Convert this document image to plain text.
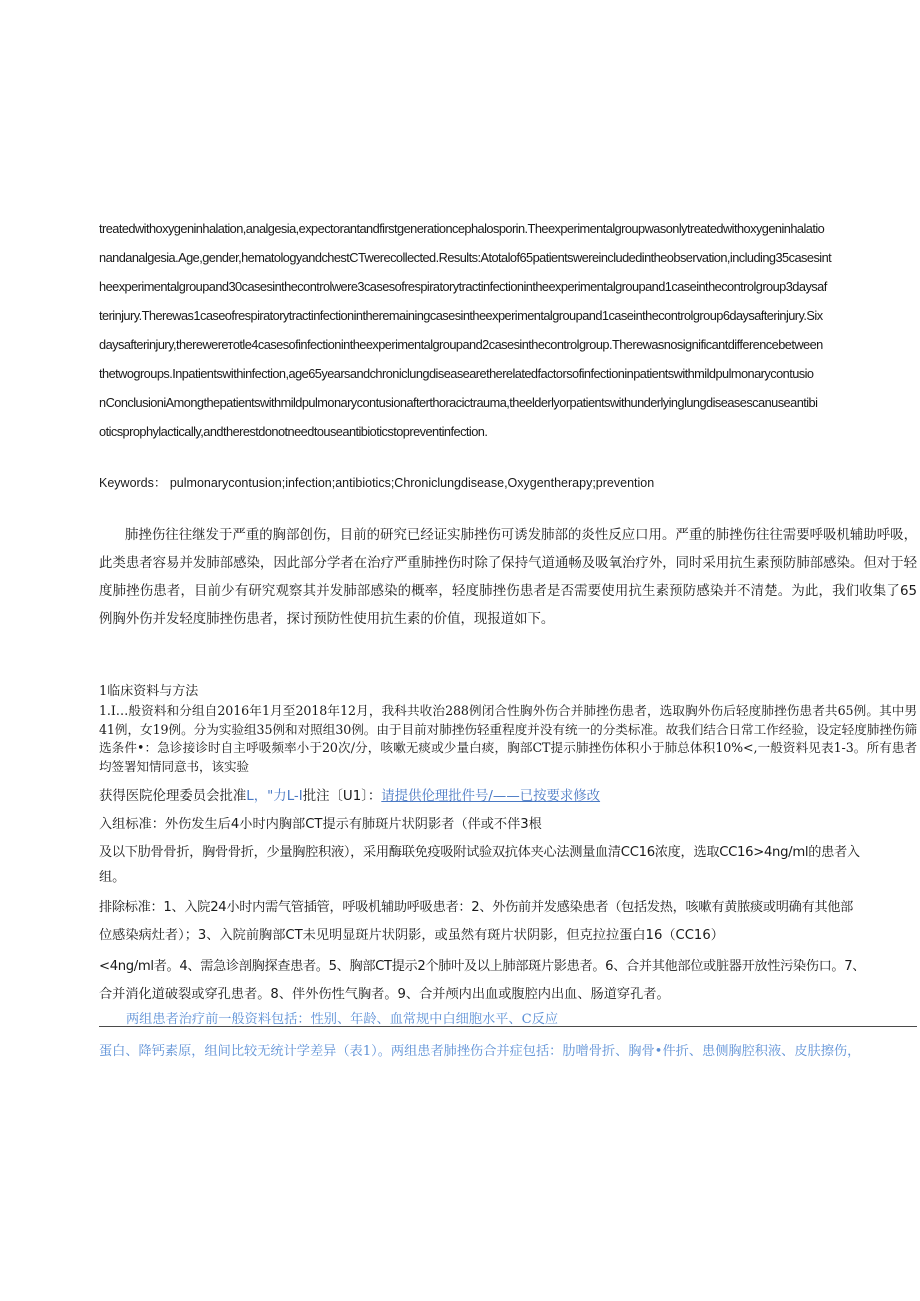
treatedwithoxygeninhalation,analgesia,expectorantandfirstgenerationcephalosporin.Theexperimentalgroupwasonlytreatedwithoxygeninhalatio
nandanalgesia.Age,gender,hematologyandchestCTwerecollected.Results:Atotalof65patientswereincludedintheobservation,including35casesint
heexperimentalgroupand30casesinthecontrolwere3casesofrespiratorytractinfectionintheexperimentalgroupand1caseinthecontrolgroup3daysaf
terinjury.Therewas1caseofrespiratorytractinfectionintheremainingcasesintheexperimentalgroupand1caseinthecontrolgroup6daysafterinjury.Six
daysafterinjury,therewerетotle4casesofinfectionintheexperimentalgroupand2casesinthecontrolgroup.Therewasnosignificantdifferencebetween
thetwogroups.Inpatientswithinfection,age65yearsandchroniclungdiseasearetherelatedfactorsofinfectioninpatientswithmildpulmonarycontusio
nConclusioniAmongthepatientswithmildpulmonarycontusionafterthoracictrauma,theelderlyorpatientswithunderlyinglungdiseasescanuseantibi
oticsprophylactically,andtherestdonotneedtouseantibioticstopreventinfection.
Keywords： pulmonarycontusion;infection;antibiotics;Chroniclungdisease,Oxygentherapy;prevention
肺挫伤往往继发于严重的胸部创伤，目前的研究已经证实肺挫伤可诱发肺部的炎性反应口用。严重的肺挫伤往往需要呼吸机辅助呼吸，此类患者容易并发肺部感染，因此部分学者在治疗严重肺挫伤时除了保持气道通畅及吸氧治疗外，同时采用抗生素预防肺部感染。但对于轻度肺挫伤患者，目前少有研究观察其并发肺部感染的概率，轻度肺挫伤患者是否需要使用抗生素预防感染并不清楚。为此，我们收集了65例胸外伤并发轻度肺挫伤患者，探讨预防性使用抗生素的价值，现报道如下。
1临床资料与方法
1.I…般资料和分组自2016年1月至2018年12月，我科共收治288例闭合性胸外伤合并肺挫伤患者，选取胸外伤后轻度肺挫伤患者共65例。其中男41例，女19例。分为实验组35例和对照组30例。由于目前对肺挫伤轻重程度并没有统一的分类标准。故我们结合日常工作经验，设定轻度肺挫伤筛选条件•：急诊接诊时自主呼吸频率小于20次/分，咳嗽无痰或少量白痰，胸部CT提示肺挫伤体积小于肺总体积10%<,一般资料见表1-3。所有患者均签署知情同意书，该实验
获得医院伦理委员会批准L，"力L-I批注〔U1〕：请提供伦理批件号/——已按要求修改
入组标准：外伤发生后4小时内胸部CT提示有肺斑片状阴影者（伴或不伴3根
及以下肋骨骨折，胸骨骨折，少量胸腔积液），采用酶联免疫吸附试验双抗体夹心法测量血清CC16浓度，选取CC16>4ng/ml的患者入
组。
排除标准：1、入院24小时内需气管插管，呼吸机辅助呼吸患者：2、外伤前并发感染患者（包括发热，咳嗽有黄脓痰或明确有其他部
位感染病灶者）；3、入院前胸部CT未见明显斑片状阴影，或虽然有斑片状阴影，但克拉拉蛋白16（CC16）
<4ng/ml者。4、需急诊剖胸探查患者。5、胸部CT提示2个肺叶及以上肺部斑片影患者。6、合并其他部位或脏器开放性污染伤口。7、
合并消化道破裂或穿孔患者。8、伴外伤性气胸者。9、合并颅内出血或腹腔内出血、肠道穿孔者。
两组患者治疗前一般资料包括：性别、年龄、血常规中白细胞水平、C反应
蛋白、降钙素原，组间比较无统计学差异（表1）。两组患者肺挫伤合并症包括：肋噌骨折、胸骨•件折、患侧胸腔积液、皮肤擦伤，
